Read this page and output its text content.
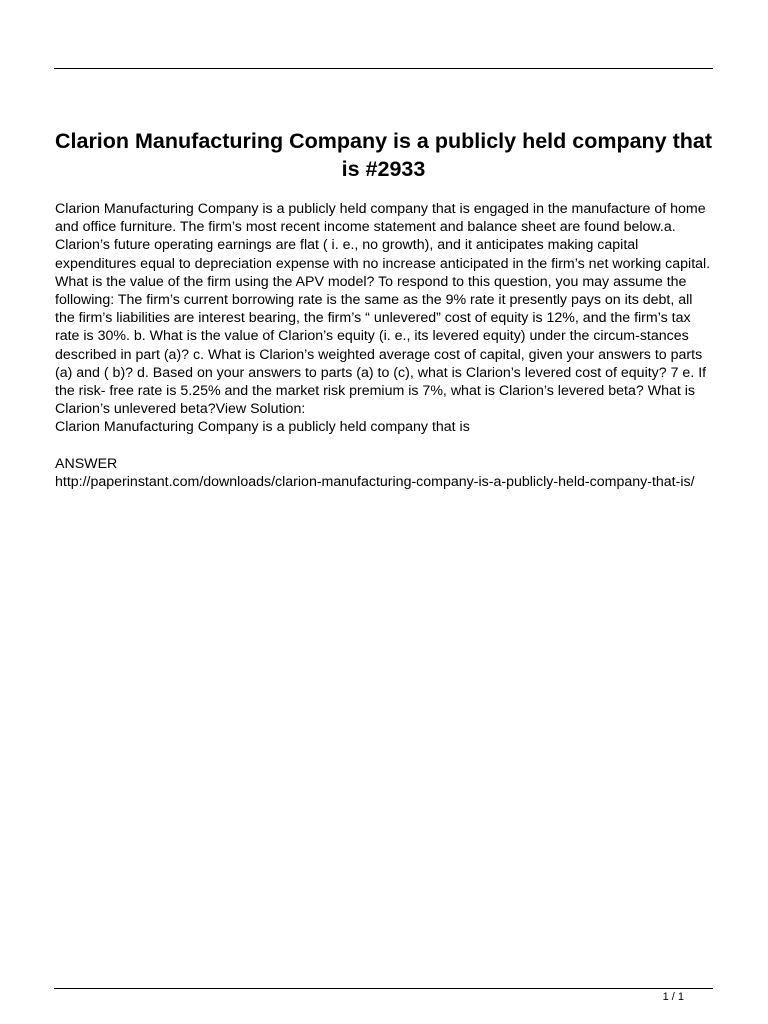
Clarion Manufacturing Company is a publicly held company that is #2933

Clarion Manufacturing Company is a publicly held company that is engaged in the manufacture of home and office furniture. The firm’s most recent income statement and balance sheet are found below.a. Clarion’s future operating earnings are flat ( i. e., no growth), and it anticipates making capital expenditures equal to depreciation expense with no increase anticipated in the firm’s net working capital. What is the value of the firm using the APV model? To respond to this question, you may assume the following: The firm’s current borrowing rate is the same as the 9% rate it presently pays on its debt, all the firm’s liabilities are interest bearing, the firm’s “ unlevered” cost of equity is 12%, and the firm’s tax rate is 30%. b. What is the value of Clarion’s equity (i. e., its levered equity) under the circum-stances described in part (a)? c. What is Clarion’s weighted average cost of capital, given your answers to parts (a) and ( b)? d. Based on your answers to parts (a) to (c), what is Clarion’s levered cost of equity? 7 e. If the risk- free rate is 5.25% and the market risk premium is 7%, what is Clarion’s levered beta? What is Clarion’s unlevered beta?View Solution:

Clarion Manufacturing Company is a publicly held company that is

ANSWER

http://paperinstant.com/downloads/clarion-manufacturing-company-is-a-publicly-held-company-that-is/

1 / 1
